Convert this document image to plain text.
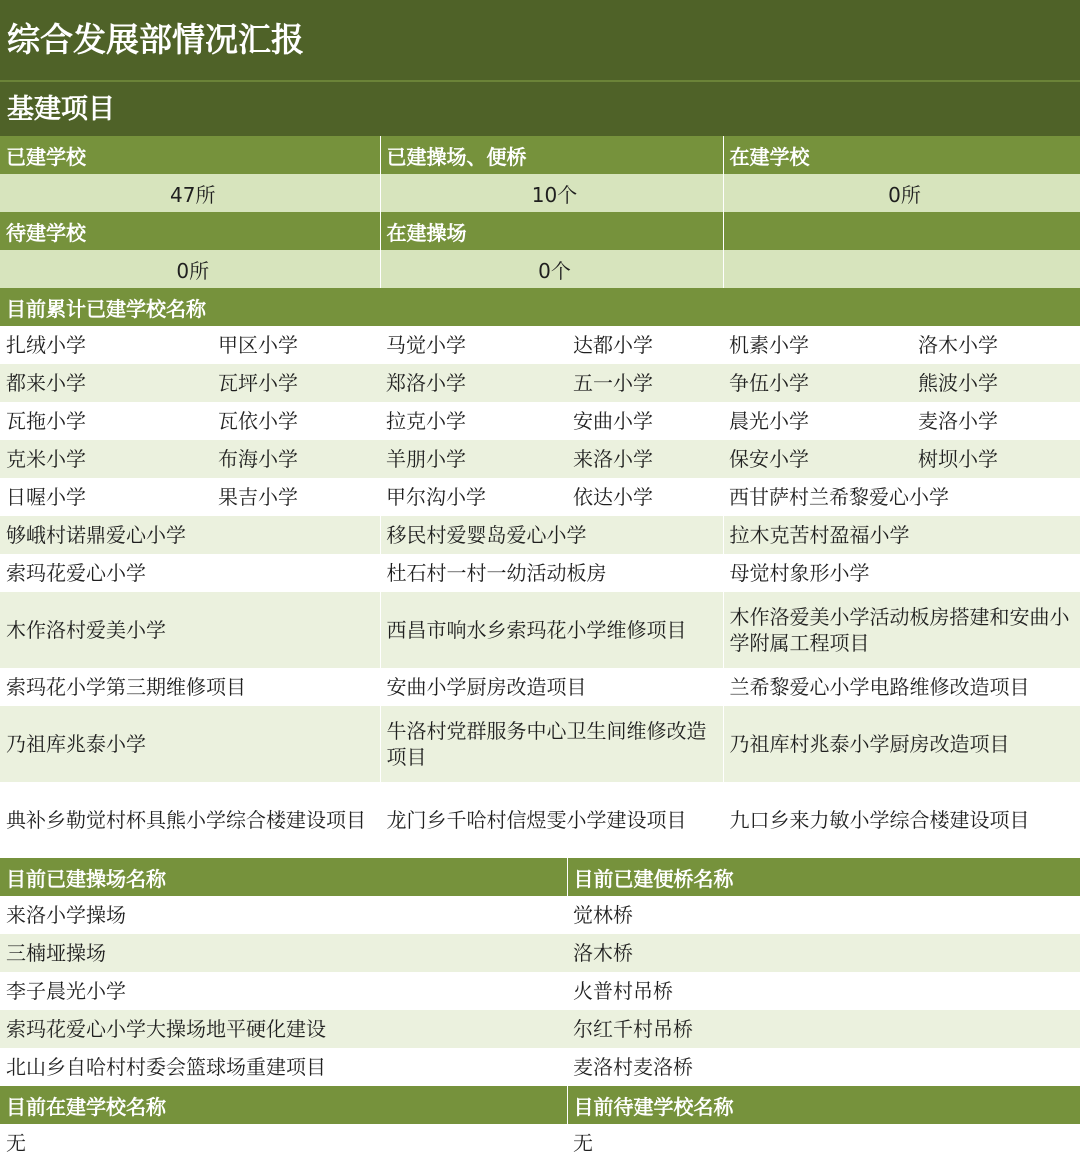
综合发展部情况汇报
基建项目
已建学校	已建操场、便桥	在建学校
47所	10个	0所
待建学校	在建操场	
0所	0个	
目前累计已建学校名称					
扎绒小学	甲区小学	马觉小学	达都小学	机素小学	洛木小学
都来小学	瓦坪小学	郑洛小学	五一小学	争伍小学	熊波小学
瓦拖小学	瓦依小学	拉克小学	安曲小学	晨光小学	麦洛小学
克米小学	布海小学	羊朋小学	来洛小学	保安小学	树坝小学
日喔小学	果吉小学	甲尔沟小学	依达小学	西甘萨村兰希黎爱心小学	
够峨村诺鼎爱心小学	移民村爱婴岛爱心小学	拉木克苦村盈福小学
索玛花爱心小学	杜石村一村一幼活动板房	母觉村象形小学
木作洛村爱美小学	西昌市响水乡索玛花小学维修项目	木作洛爱美小学活动板房搭建和安曲小学附属工程项目
索玛花小学第三期维修项目	安曲小学厨房改造项目	兰希黎爱心小学电路维修改造项目
乃祖库兆泰小学	牛洛村党群服务中心卫生间维修改造项目	乃祖库村兆泰小学厨房改造项目
典补乡勒觉村杯具熊小学综合楼建设项目	龙门乡千哈村信煜雯小学建设项目	九口乡来力敏小学综合楼建设项目
目前已建操场名称	目前已建便桥名称
来洛小学操场	觉林桥
三楠垭操场	洛木桥
李子晨光小学	火普村吊桥
索玛花爱心小学大操场地平硬化建设	尔红千村吊桥
北山乡自哈村村委会篮球场重建项目	麦洛村麦洛桥
目前在建学校名称	目前待建学校名称
无	无
